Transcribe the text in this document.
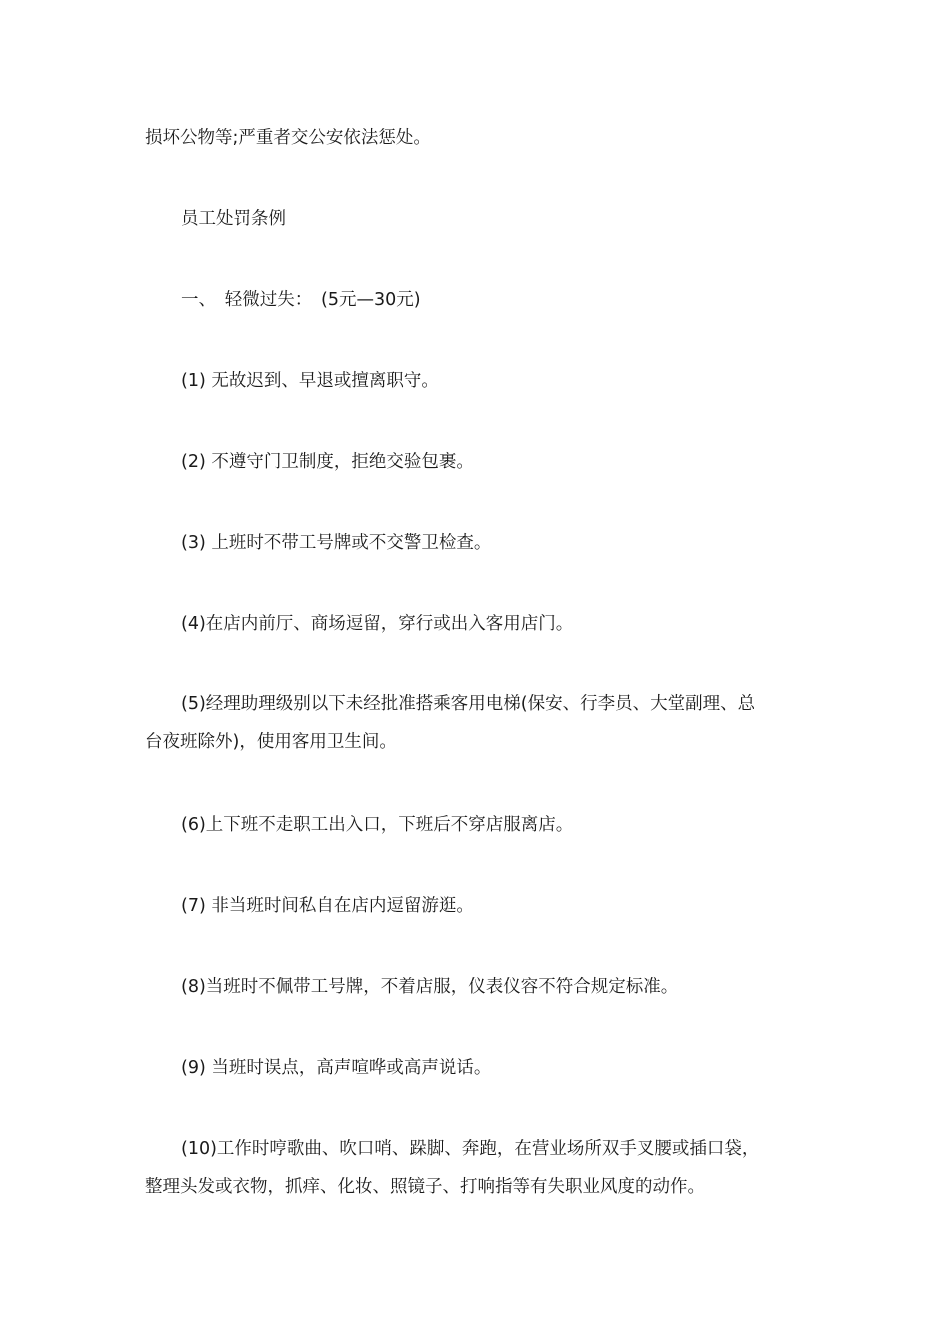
损坏公物等;严重者交公安依法惩处。

员工处罚条例

一、　轻微过失：　(5元—30元)

(1) 无故迟到、早退或擅离职守。

(2) 不遵守门卫制度，拒绝交验包裹。

(3) 上班时不带工号牌或不交警卫检查。

(4)在店内前厅、商场逗留，穿行或出入客用店门。

(5)经理助理级别以下未经批准搭乘客用电梯(保安、行李员、大堂副理、总
台夜班除外)，使用客用卫生间。

(6)上下班不走职工出入口，下班后不穿店服离店。

(7) 非当班时间私自在店内逗留游逛。

(8)当班时不佩带工号牌，不着店服，仪表仪容不符合规定标准。

(9) 当班时误点，高声喧哗或高声说话。

(10)工作时哼歌曲、吹口哨、跺脚、奔跑，在营业场所双手叉腰或插口袋，
整理头发或衣物，抓痒、化妆、照镜子、打响指等有失职业风度的动作。
